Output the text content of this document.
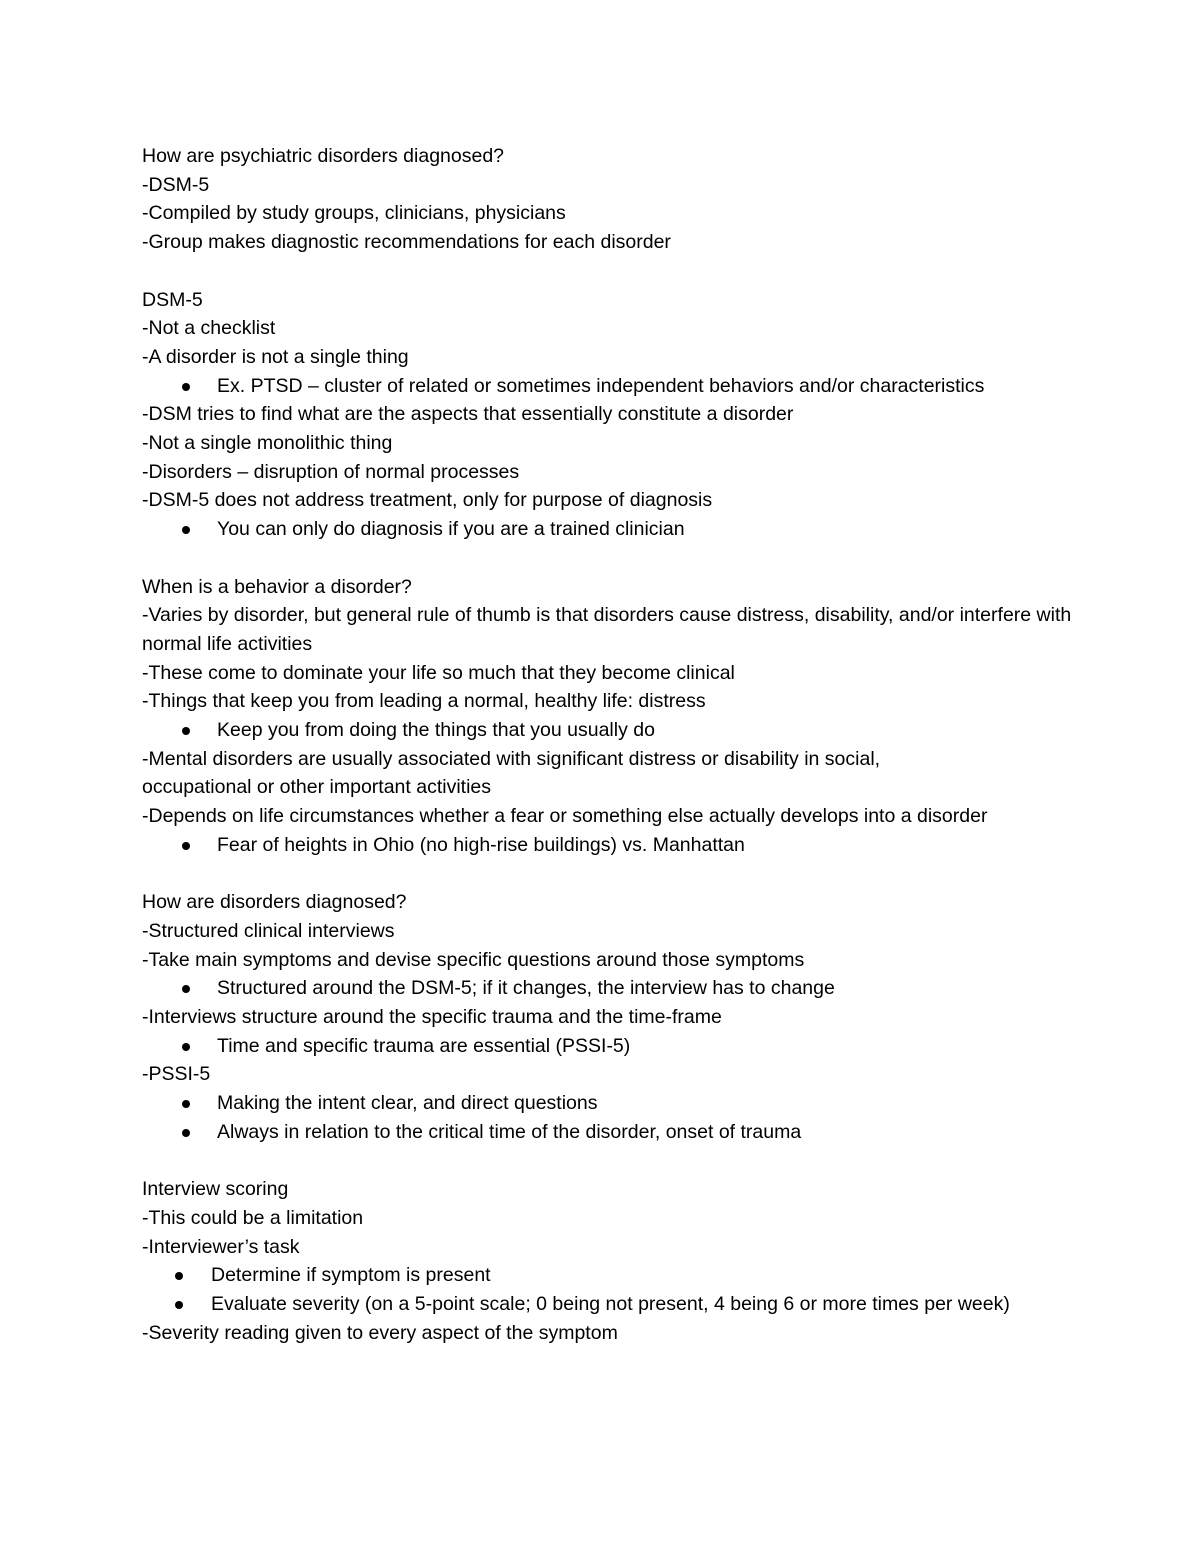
How are psychiatric disorders diagnosed?
-DSM-5
-Compiled by study groups, clinicians, physicians
-Group makes diagnostic recommendations for each disorder
DSM-5
-Not a checklist
-A disorder is not a single thing
Ex. PTSD – cluster of related or sometimes independent behaviors and/or characteristics
-DSM tries to find what are the aspects that essentially constitute a disorder
-Not a single monolithic thing
-Disorders – disruption of normal processes
-DSM-5 does not address treatment, only for purpose of diagnosis
You can only do diagnosis if you are a trained clinician
When is a behavior a disorder?
-Varies by disorder, but general rule of thumb is that disorders cause distress, disability, and/or interfere with normal life activities
-These come to dominate your life so much that they become clinical
-Things that keep you from leading a normal, healthy life: distress
Keep you from doing the things that you usually do
-Mental disorders are usually associated with significant distress or disability in social, occupational or other important activities
-Depends on life circumstances whether a fear or something else actually develops into a disorder
Fear of heights in Ohio (no high-rise buildings) vs. Manhattan
How are disorders diagnosed?
-Structured clinical interviews
-Take main symptoms and devise specific questions around those symptoms
Structured around the DSM-5; if it changes, the interview has to change
-Interviews structure around the specific trauma and the time-frame
Time and specific trauma are essential (PSSI-5)
-PSSI-5
Making the intent clear, and direct questions
Always in relation to the critical time of the disorder, onset of trauma
Interview scoring
-This could be a limitation
-Interviewer’s task
Determine if symptom is present
Evaluate severity (on a 5-point scale; 0 being not present, 4 being 6 or more times per week)
-Severity reading given to every aspect of the symptom
